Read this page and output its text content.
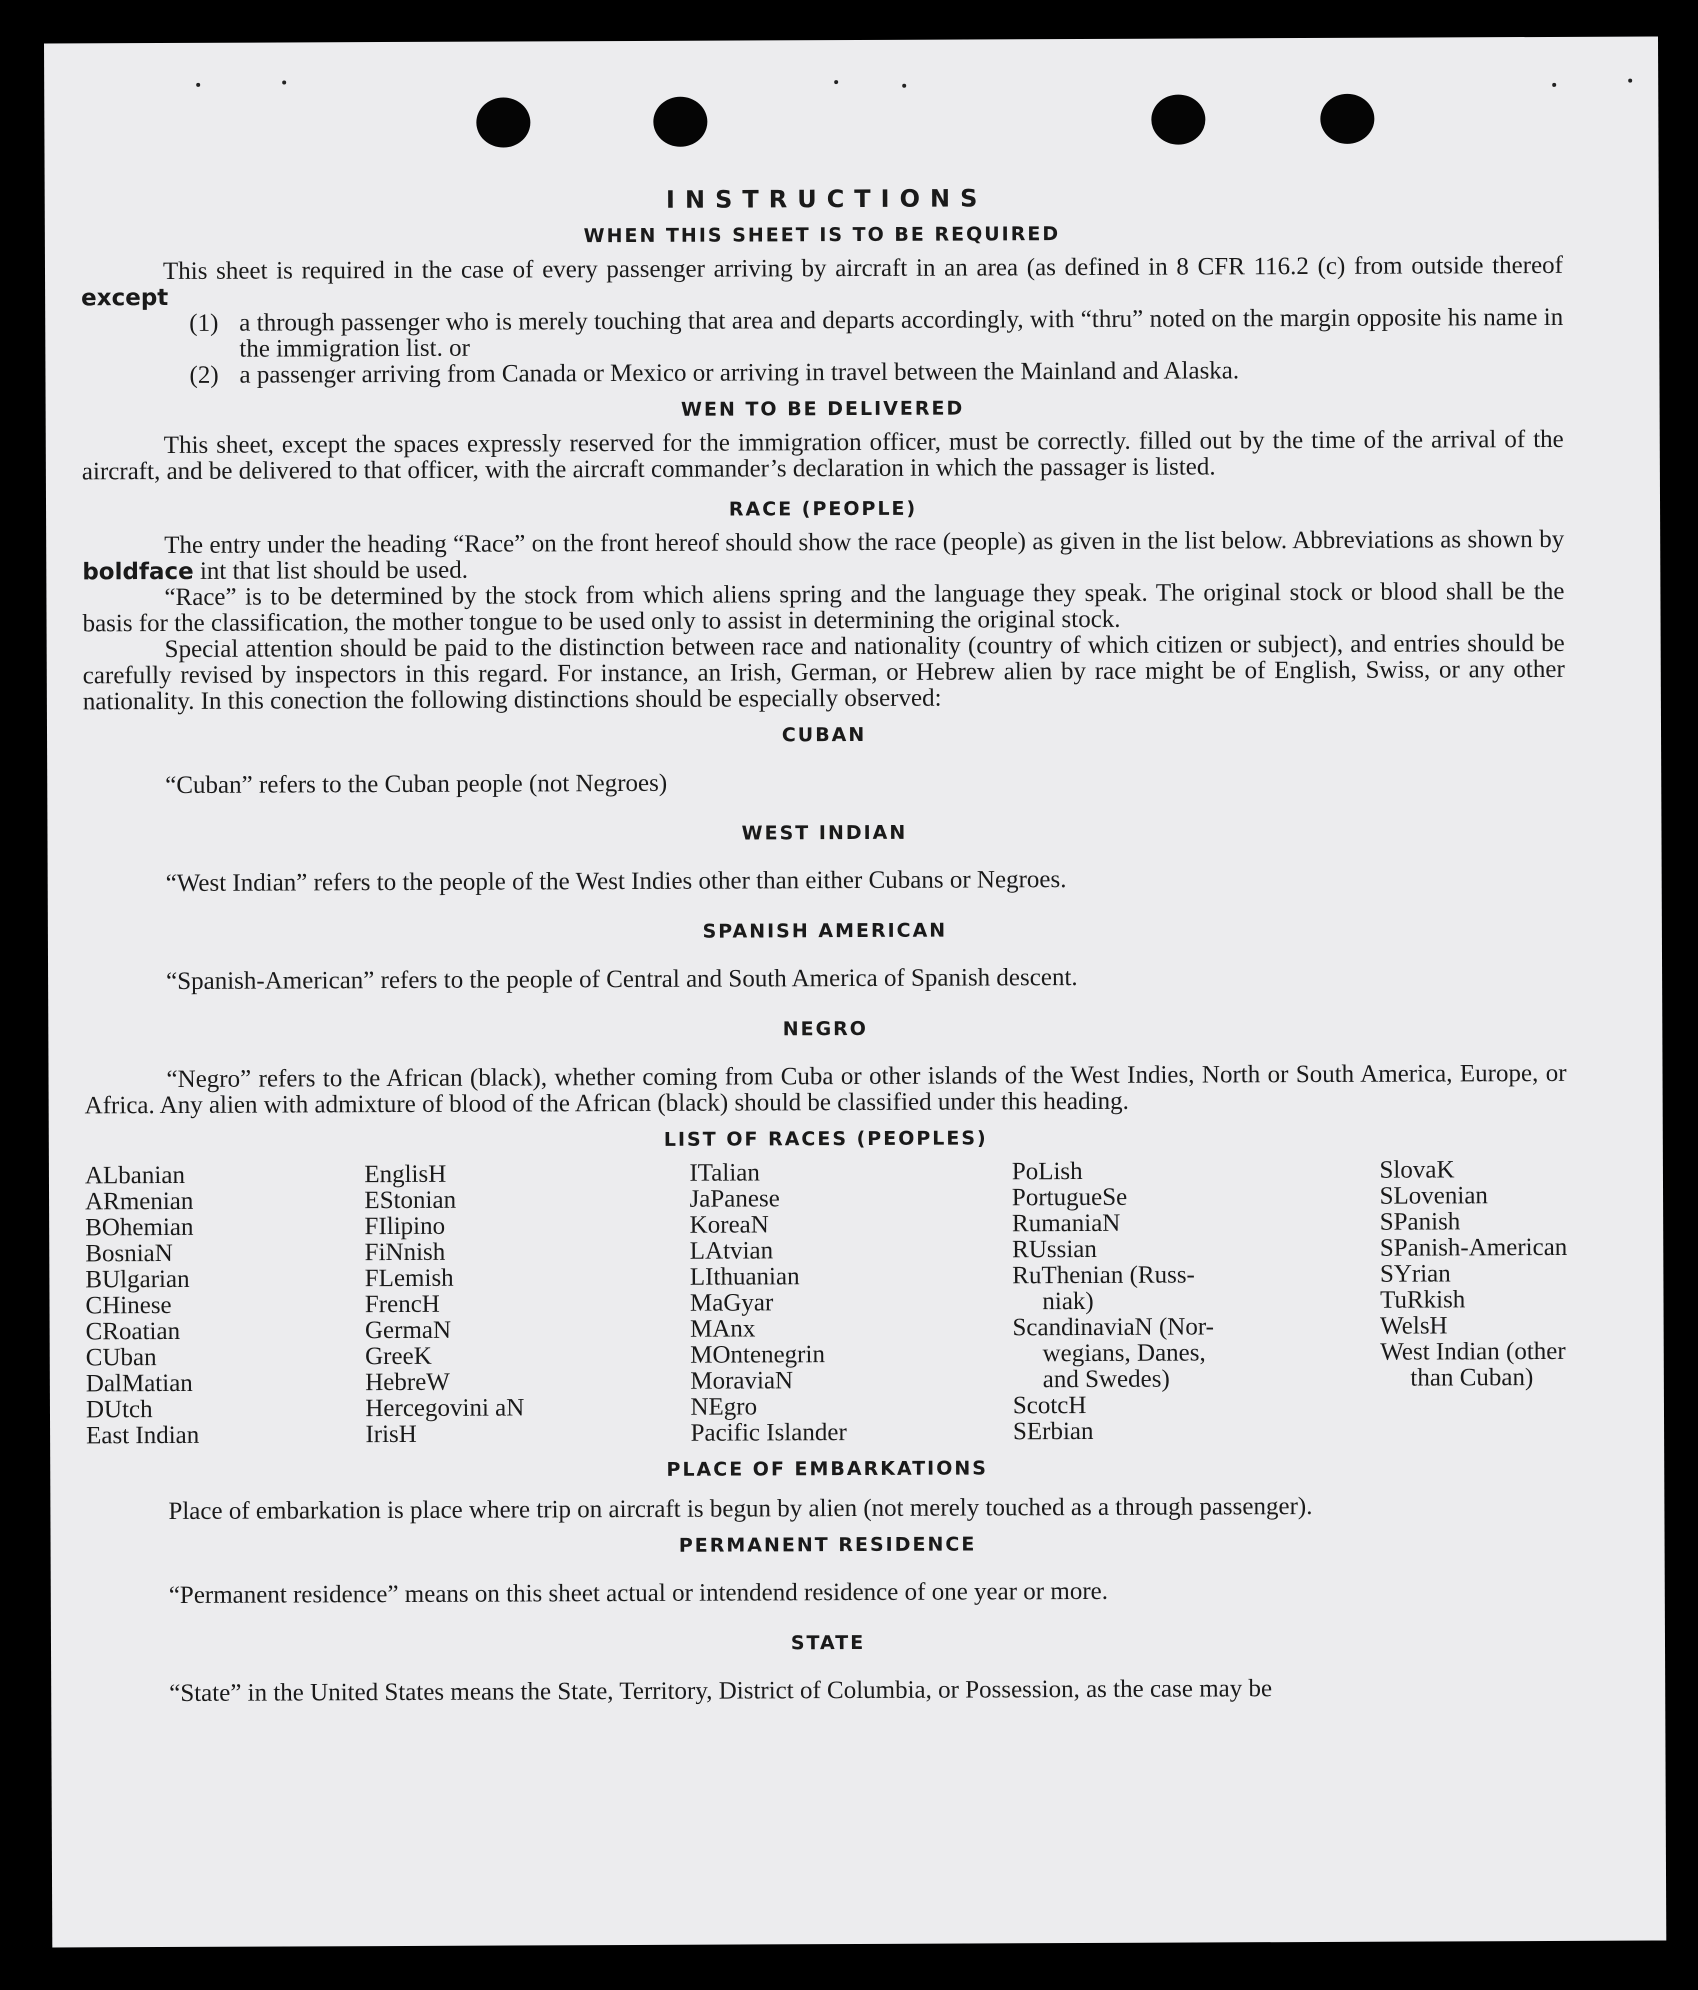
INSTRUCTIONS
WHEN THIS SHEET IS TO BE REQUIRED

This sheet is required in the case of every passenger arriving by aircraft in an area (as defined in 8 CFR 116.2 (c) from outside thereof except

(1) a through passenger who is merely touching that area and departs accordingly, with “thru” noted on the margin opposite his name in the immigration list. or
(2) a passenger arriving from Canada or Mexico or arriving in travel between the Mainland and Alaska.
WEN TO BE DELIVERED

This sheet, except the spaces expressly reserved for the immigration officer, must be correctly. filled out by the time of the arrival of the aircraft, and be delivered to that officer, with the aircraft commander’s declaration in which the passager is listed.

RACE (PEOPLE)

The entry under the heading “Race” on the front hereof should show the race (people) as given in the list below. Abbreviations as shown by boldface int that list should be used.

“Race” is to be determined by the stock from which aliens spring and the language they speak. The original stock or blood shall be the basis for the classification, the mother tongue to be used only to assist in determining the original stock.

Special attention should be paid to the distinction between race and nationality (country of which citizen or subject), and entries should be carefully revised by inspectors in this regard. For instance, an Irish, German, or Hebrew alien by race might be of English, Swiss, or any other nationality. In this conection the following distinctions should be especially observed:

CUBAN

“Cuban” refers to the Cuban people (not Negroes)

WEST INDIAN

“West Indian” refers to the people of the West Indies other than either Cubans or Negroes.

SPANISH AMERICAN

“Spanish-American” refers to the people of Central and South America of Spanish descent.

NEGRO

“Negro” refers to the African (black), whether coming from Cuba or other islands of the West Indies, North or South America, Europe, or Africa. Any alien with admixture of blood of the African (black) should be classified under this heading.

LIST OF RACES (PEOPLES)
ALbanian
ARmenian
BOhemian
BosniaN
BUlgarian
CHinese
CRoatian
CUban
DalMatian
DUtch
East Indian
EnglisH
EStonian
FIlipino
FiNnish
FLemish
FrencH
GermaN
GreeK
HebreW
Hercegovini aN
IrisH
ITalian
JaPanese
KoreaN
LAtvian
LIthuanian
MaGyar
MAnx
MOntenegrin
MoraviaN
NEgro
Pacific Islander
PoLish
PortugueSe
RumaniaN
RUssian
RuThenian (Russ-
niak)
ScandinaviaN (Nor-
wegians, Danes,
and Swedes)
ScotcH
SErbian
SlovaK
SLovenian
SPanish
SPanish-American
SYrian
TuRkish
WelsH
West Indian (other
than Cuban)
PLACE OF EMBARKATIONS

Place of embarkation is place where trip on aircraft is begun by alien (not merely touched as a through passenger).

PERMANENT RESIDENCE

“Permanent residence” means on this sheet actual or intendend residence of one year or more.

STATE

“State” in the United States means the State, Territory, District of Columbia, or Possession, as the case may be
